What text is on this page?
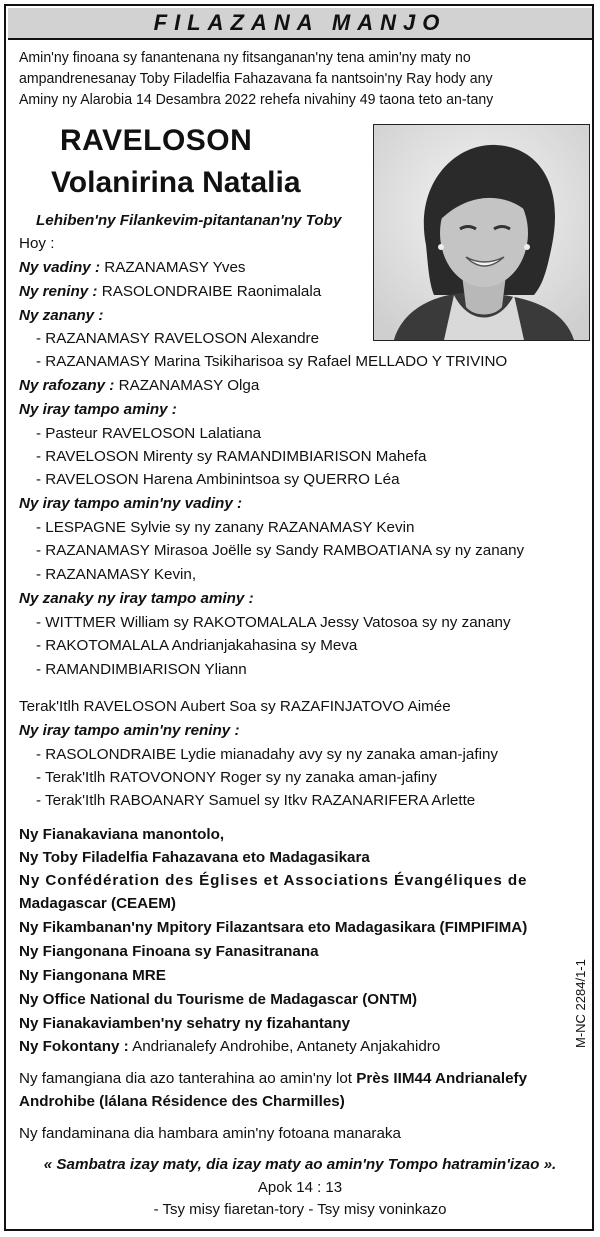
FILAZANA MANJO
Amin'ny finoana sy fanantenana ny fitsanganan'ny tena amin'ny maty no
ampandrenesanay Toby Filadelfia Fahazavana fa nantsoin'ny Ray hody any
Aminy ny Alarobia 14 Desambra 2022 rehefa nivahiny 49 taona teto an-tany
RAVELOSON
Volanirina Natalia
Lehiben'ny Filankevim-pitantanan'ny Toby
Hoy :
Ny vadiny : RAZANAMASY Yves
Ny reniny : RASOLONDRAIBE Raonimalala
Ny zanany :
- RAZANAMASY RAVELOSON Alexandre
- RAZANAMASY Marina Tsikiharisoa sy Rafael MELLADO Y TRIVINO
Ny rafozany : RAZANAMASY Olga
Ny iray tampo aminy :
- Pasteur RAVELOSON Lalatiana
- RAVELOSON Mirenty sy RAMANDIMBIARISON Mahefa
- RAVELOSON Harena Ambinintsoa sy QUERRO Léa
Ny iray tampo amin'ny vadiny :
- LESPAGNE Sylvie sy ny zanany RAZANAMASY Kevin
- RAZANAMASY Mirasoa Joëlle sy Sandy RAMBOATIANA sy ny zanany
- RAZANAMASY Kevin,
Ny zanaky ny iray tampo aminy :
- WITTMER William sy RAKOTOMALALA Jessy Vatosoa sy ny zanany
- RAKOTOMALALA Andrianjakahasina sy Meva
- RAMANDIMBIARISON Yliann
Terak'Itlh RAVELOSON Aubert Soa sy RAZAFINJATOVO Aimée
Ny iray tampo amin'ny reniny :
- RASOLONDRAIBE Lydie mianadahy avy sy ny zanaka aman-jafiny
- Terak'Itlh RATOVONONY Roger sy ny zanaka aman-jafiny
- Terak'Itlh RABOANARY Samuel sy Itkv RAZANARIFERA Arlette
Ny Fianakaviana manontolo,
Ny Toby Filadelfia Fahazavana eto Madagasikara
Ny Confédération des Églises et Associations Évangéliques de
Madagascar (CEAEM)
Ny Fikambanan'ny Mpitory Filazantsara eto Madagasikara (FIMPIFIMA)
Ny Fiangonana Finoana sy Fanasitranana
Ny Fiangonana MRE
Ny Office National du Tourisme de Madagascar (ONTM)
Ny Fianakaviamben'ny sehatry ny fizahantany
Ny Fokontany : Andrianalefy Androhibe, Antanety Anjakahidro	M-NC 2284/1-1
Ny famangiana dia azo tanterahina ao amin'ny lot Près IIM44 Andrianalefy
Androhibe (lálana Résidence des Charmilles)
Ny fandaminana dia hambara amin'ny fotoana manaraka
« Sambatra izay maty, dia izay maty ao amin'ny Tompo hatramin'izao ».
Apok 14 : 13
- Tsy misy fiaretan-tory - Tsy misy voninkazo
